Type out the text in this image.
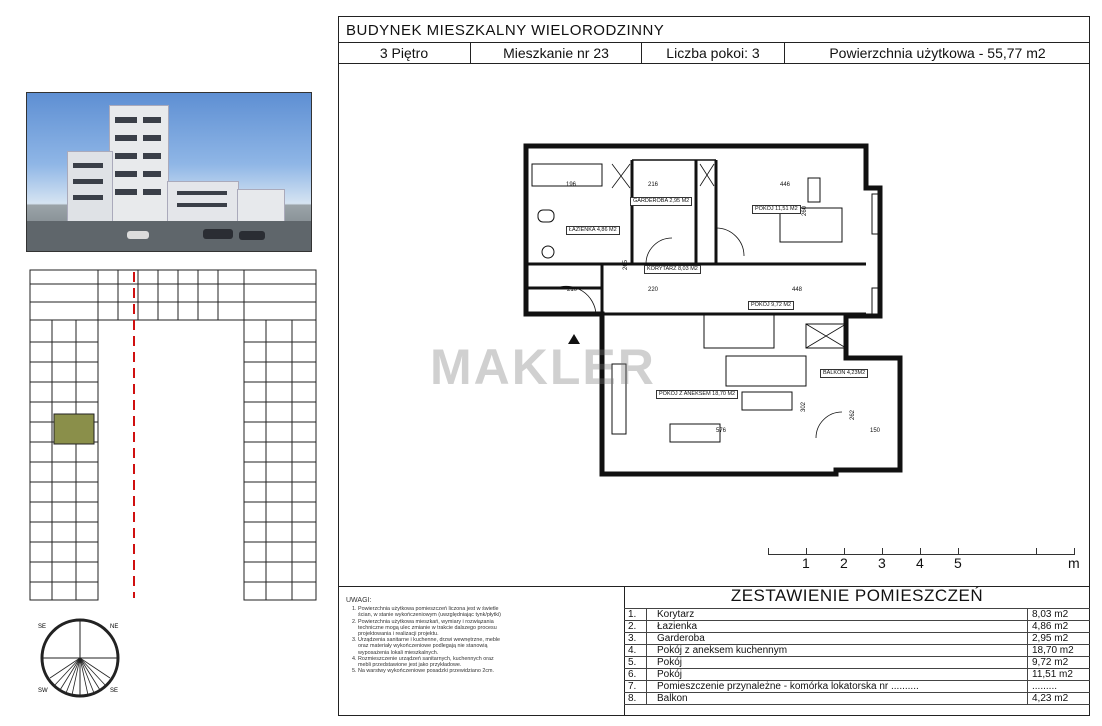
BUDYNEK MIESZKALNY WIELORODZINNY
3 Piętro	Mieszkanie nr 23	Liczba pokoi: 3	Powierzchnia użytkowa - 55,77 m2
SE	NE
SW	SE
MAKLER
ŁAZIENKA 4,86 M2
GARDEROBA 2,95 M2
POKÓJ 11,51 M2
KORYTARZ 8,03 M2
POKÓJ 9,72 M2
BALKON 4,23M2
POKÓJ Z ANEKSEM 18,70 M2
196	216	446
260
265
210	220	448
302
576
262
150
1 2 3 4 5	m
UWAGI:
1. Powierzchnia użytkowa pomieszczeń liczona jest w świetle ścian, w stanie wykończeniowym (uwzględniając tynk/płytki)
2. Powierzchnia użytkowa mieszkań, wymiary i rozwiązania techniczne mogą ulec zmianie w trakcie dalszego procesu projektowania i realizacji projektu.
3. Urządzenia sanitarne i kuchenne, drzwi wewnętrzne, meble oraz materiały wykończeniowe podlegają nie stanowią wyposażenia lokali mieszkalnych.
4. Rozmieszczenie urządzeń sanitarnych, kuchennych oraz mebli przedstawione jest jako przykładowe.
5. Na warstwy wykończeniowe posadzki przewidziano 2cm.
ZESTAWIENIE POMIESZCZEŃ
1.	Korytarz	8,03 m2
2.	Łazienka	4,86 m2
3.	Garderoba	2,95 m2
4.	Pokój z aneksem kuchennym	18,70 m2
5.	Pokój	9,72 m2
6.	Pokój	11,51 m2
7.	Pomieszczenie przynależne - komórka lokatorska nr ..........	.........
8.	Balkon	4,23 m2
